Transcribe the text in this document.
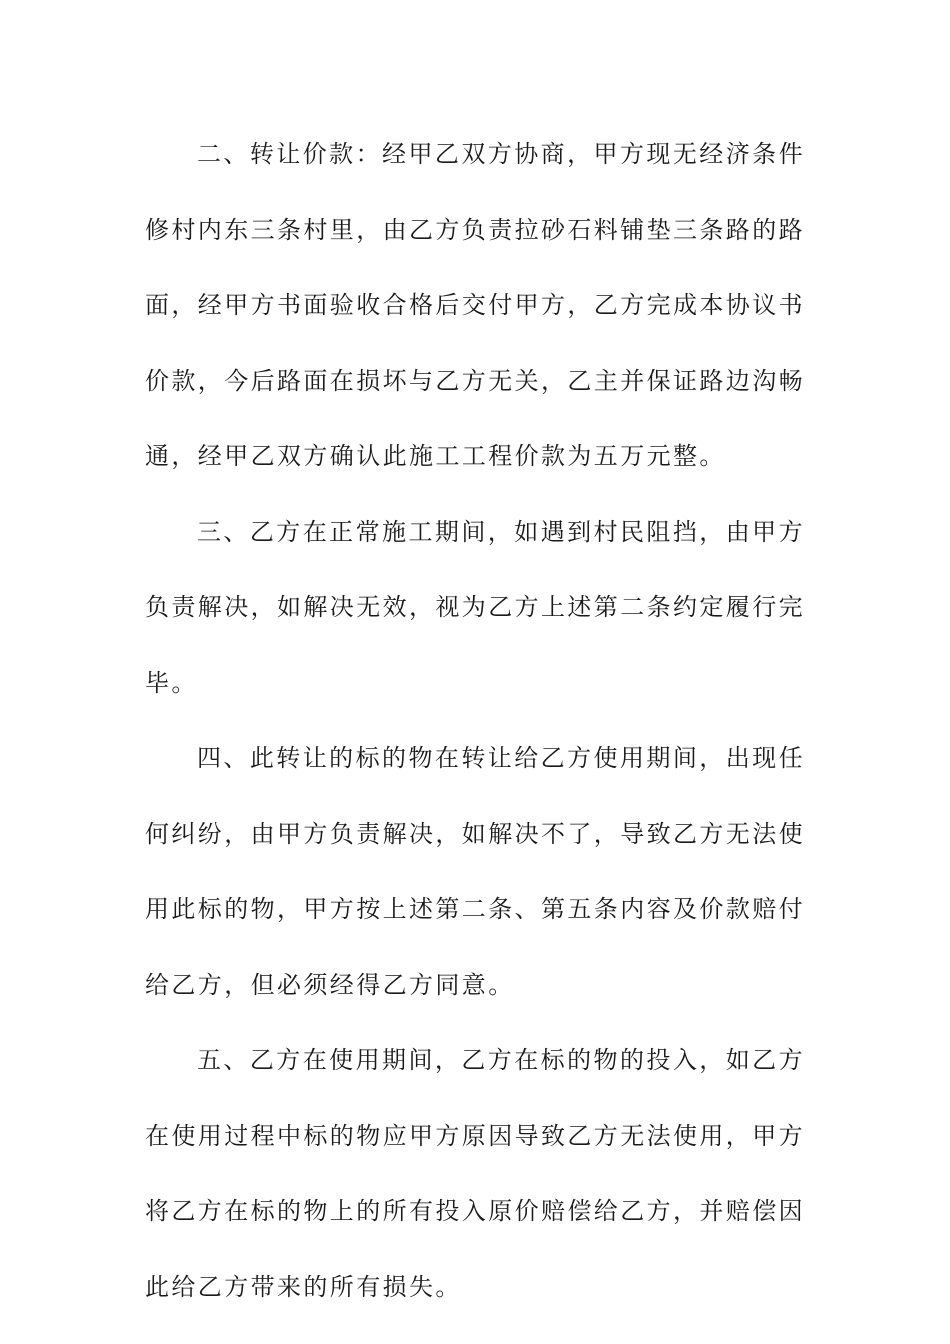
二、转让价款：经甲乙双方协商，甲方现无经济条件修村内东三条村里，由乙方负责拉砂石料铺垫三条路的路面，经甲方书面验收合格后交付甲方，乙方完成本协议书价款，今后路面在损坏与乙方无关，乙主并保证路边沟畅通，经甲乙双方确认此施工工程价款为五万元整。

三、乙方在正常施工期间，如遇到村民阻挡，由甲方负责解决，如解决无效，视为乙方上述第二条约定履行完毕。

四、此转让的标的物在转让给乙方使用期间，出现任何纠纷，由甲方负责解决，如解决不了，导致乙方无法使用此标的物，甲方按上述第二条、第五条内容及价款赔付给乙方，但必须经得乙方同意。

五、乙方在使用期间，乙方在标的物的投入，如乙方在使用过程中标的物应甲方原因导致乙方无法使用，甲方将乙方在标的物上的所有投入原价赔偿给乙方，并赔偿因此给乙方带来的所有损失。
